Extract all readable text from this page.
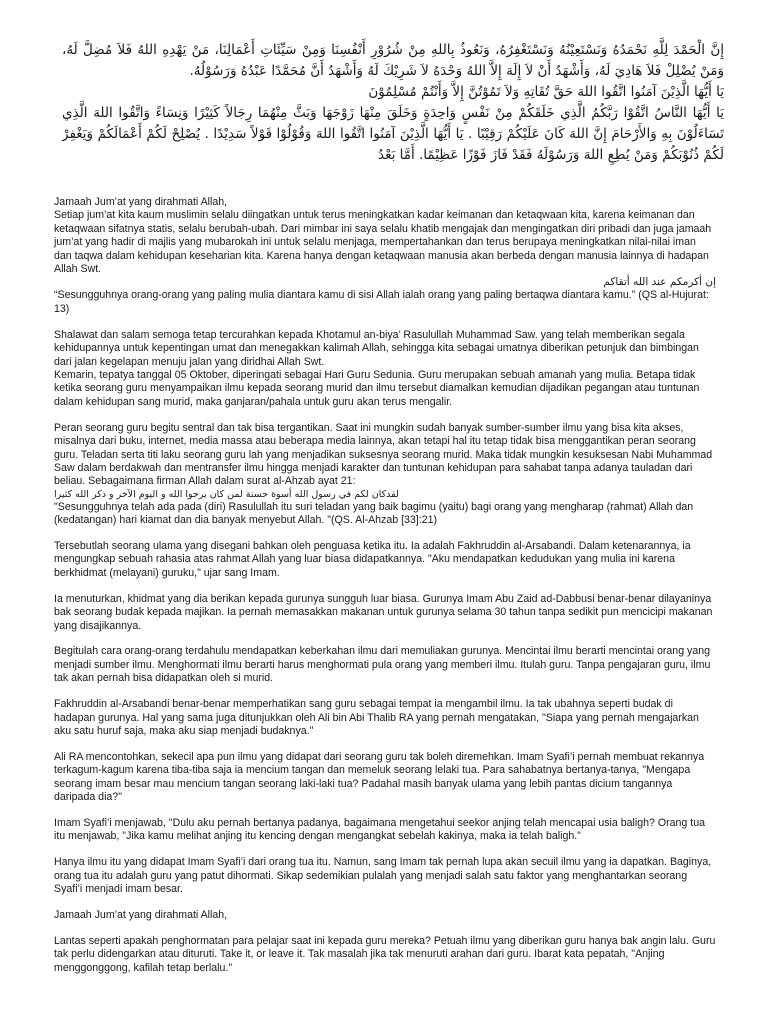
إِنَّ الْحَمْدَ لِلَّهِ نَحْمَدُهُ وَنَسْتَعِيْنُهُ وَنَسْتَغْفِرُهُ، وَنَعُوذُ بِاللهِ مِنْ شُرُوْرِ أَنْفُسِنَا وَمِنْ سَيِّئَاتِ أَعْمَالِنَا، مَنْ يَهْدِهِ اللهُ فَلاَ مُضِلَّ لَهُ، وَمَنْ يُضْلِلْ فَلاَ هَادِيَ لَهُ، وَأَشْهَدُ أَنْ لاَ إِلَهَ إِلاَّ اللهُ وَحْدَهُ لاَ شَرِيْكَ لَهُ وَأَشْهَدُ أَنَّ مُحَمَّدًا عَبْدُهُ وَرَسُوْلُهُ.

يَا أَيُّهَا الَّذِيْنَ آمَنُوا اتَّقُوا اللهَ حَقَّ تُقَاتِهِ وَلاَ تَمُوْتُنَّ إِلاَّ وَأَنْتُمْ مُسْلِمُوْنَ

يَا أَيُّهَا النَّاسُ اتَّقُوْا رَبَّكُمُ الَّذِي خَلَقَكُمْ مِنْ نَفْسٍ وَاحِدَةٍ وَخَلَقَ مِنْهَا زَوْجَهَا وَبَثَّ مِنْهُمَا رِجَالاً كَثِيْرًا وَنِسَاءً وَاتَّقُوا اللهَ الَّذِي تَسَاءَلُوْنَ بِهِ وَالأَرْحَامَ إِنَّ اللهَ كَانَ عَلَيْكُمْ رَقِيْبًا . يَا أَيُّهَا الَّذِيْنَ آمَنُوا اتَّقُوا اللهَ وَقُوْلُوْا قَوْلاً سَدِيْدًا . يُصْلِحْ لَكُمْ أَعْمَالَكُمْ وَيَغْفِرْ لَكُمْ ذُنُوْبَكُمْ وَمَنْ يُطِعِ اللهَ وَرَسُوْلَهُ فَقَدْ فَازَ فَوْزًا عَظِيْمًا. أَمَّا بَعْدُ

Jamaah Jum’at yang dirahmati Allah,

Setiap jum’at kita kaum muslimin selalu diingatkan untuk terus meningkatkan kadar keimanan dan ketaqwaan kita, karena keimanan dan ketaqwaan sifatnya statis, selalu berubah-ubah. Dari mimbar ini saya selalu khatib mengajak dan mengingatkan diri pribadi dan juga jamaah jum’at yang hadir di majlis yang mubarokah ini untuk selalu menjaga, mempertahankan dan terus berupaya meningkatkan nilai-nilai iman dan taqwa dalam kehidupan keseharian kita. Karena hanya dengan ketaqwaan manusia akan berbeda dengan manusia lainnya di hadapan Allah Swt.

إن أكرمكم عند الله أتقاكم

“Sesungguhnya orang-orang yang paling mulia diantara kamu di sisi Allah ialah orang yang paling bertaqwa diantara kamu.” (QS al-Hujurat: 13)

Shalawat dan salam semoga tetap tercurahkan kepada Khotamul an-biya’ Rasulullah Muhammad Saw. yang telah memberikan segala kehidupannya untuk kepentingan umat dan menegakkan kalimah Allah, sehingga kita sebagai umatnya diberikan petunjuk dan bimbingan dari jalan kegelapan menuju jalan yang diridhai Allah Swt.

Kemarin, tepatya tanggal 05 Oktober, diperingati sebagai Hari Guru Sedunia. Guru merupakan sebuah amanah yang mulia. Betapa tidak ketika seorang guru menyampaikan ilmu kepada seorang murid dan ilmu tersebut diamalkan kemudian dijadikan pegangan atau tuntunan dalam kehidupan sang murid, maka ganjaran/pahala untuk guru akan terus mengalir.

Peran seorang guru begitu sentral dan tak bisa tergantikan. Saat ini mungkin sudah banyak sumber-sumber ilmu yang bisa kita akses, misalnya dari buku, internet, media massa atau beberapa media lainnya, akan tetapi hal itu tetap tidak bisa menggantikan peran seorang guru. Teladan serta titi laku seorang guru lah yang menjadikan suksesnya seorang murid. Maka tidak mungkin kesuksesan Nabi Muhammad Saw dalam berdakwah dan mentransfer ilmu hingga menjadi karakter dan tuntunan kehidupan para sahabat tanpa adanya tauladan dari beliau. Sebagaimana firman Allah dalam surat al-Ahzab ayat 21:

لقدكان لكم في رسول الله أسوة حسنة لمن كان يرجوا الله و اليوم الآخر و ذكر الله كثيرا

"Sesungguhnya telah ada pada (diri) Rasulullah itu suri teladan yang baik bagimu (yaitu) bagi orang yang mengharap (rahmat) Allah dan (kedatangan) hari kiamat dan dia banyak menyebut Allah. "(QS. Al-Ahzab [33]:21)

Tersebutlah seorang ulama yang disegani bahkan oleh penguasa ketika itu. Ia adalah Fakhruddin al-Arsabandi. Dalam ketenarannya, ia mengungkap sebuah rahasia atas rahmat Allah yang luar biasa didapatkannya. "Aku mendapatkan kedudukan yang mulia ini karena berkhidmat (melayani) guruku," ujar sang Imam.

Ia menuturkan, khidmat yang dia berikan kepada gurunya sungguh luar biasa. Gurunya Imam Abu Zaid ad-Dabbusi benar-benar dilayaninya bak seorang budak kepada majikan. Ia pernah memasakkan makanan untuk gurunya selama 30 tahun tanpa sedikit pun mencicipi makanan yang disajikannya.

Begitulah cara orang-orang terdahulu mendapatkan keberkahan ilmu dari memuliakan gurunya. Mencintai ilmu berarti mencintai orang yang menjadi sumber ilmu. Menghormati ilmu berarti harus menghormati pula orang yang memberi ilmu. Itulah guru. Tanpa pengajaran guru, ilmu tak akan pernah bisa didapatkan oleh si murid.

Fakhruddin al-Arsabandi benar-benar memperhatikan sang guru sebagai tempat ia mengambil ilmu. Ia tak ubahnya seperti budak di hadapan gurunya. Hal yang sama juga ditunjukkan oleh Ali bin Abi Thalib RA yang pernah mengatakan, "Siapa yang pernah mengajarkan aku satu huruf saja, maka aku siap menjadi budaknya."

Ali RA mencontohkan, sekecil apa pun ilmu yang didapat dari seorang guru tak boleh diremehkan. Imam Syafi’i pernah membuat rekannya terkagum-kagum karena tiba-tiba saja ia mencium tangan dan memeluk seorang lelaki tua. Para sahabatnya bertanya-tanya, "Mengapa seorang imam besar mau mencium tangan seorang laki-laki tua? Padahal masih banyak ulama yang lebih pantas dicium tangannya daripada dia?"

Imam Syafi’i menjawab, "Dulu aku pernah bertanya padanya, bagaimana mengetahui seekor anjing telah mencapai usia baligh? Orang tua itu menjawab, "Jika kamu melihat anjing itu kencing dengan mengangkat sebelah kakinya, maka ia telah baligh."

Hanya ilmu itu yang didapat Imam Syafi’i dari orang tua itu. Namun, sang Imam tak pernah lupa akan secuil ilmu yang ia dapatkan. Baginya, orang tua itu adalah guru yang patut dihormati. Sikap sedemikian pulalah yang menjadi salah satu faktor yang menghantarkan seorang Syafi’i menjadi imam besar.

Jamaah Jum’at yang dirahmati Allah,

Lantas seperti apakah penghormatan para pelajar saat ini kepada guru mereka? Petuah ilmu yang diberikan guru hanya bak angin lalu. Guru tak perlu didengarkan atau dituruti. Take it, or leave it. Tak masalah jika tak menuruti arahan dari guru. Ibarat kata pepatah, "Anjing menggonggong, kafilah tetap berlalu."
